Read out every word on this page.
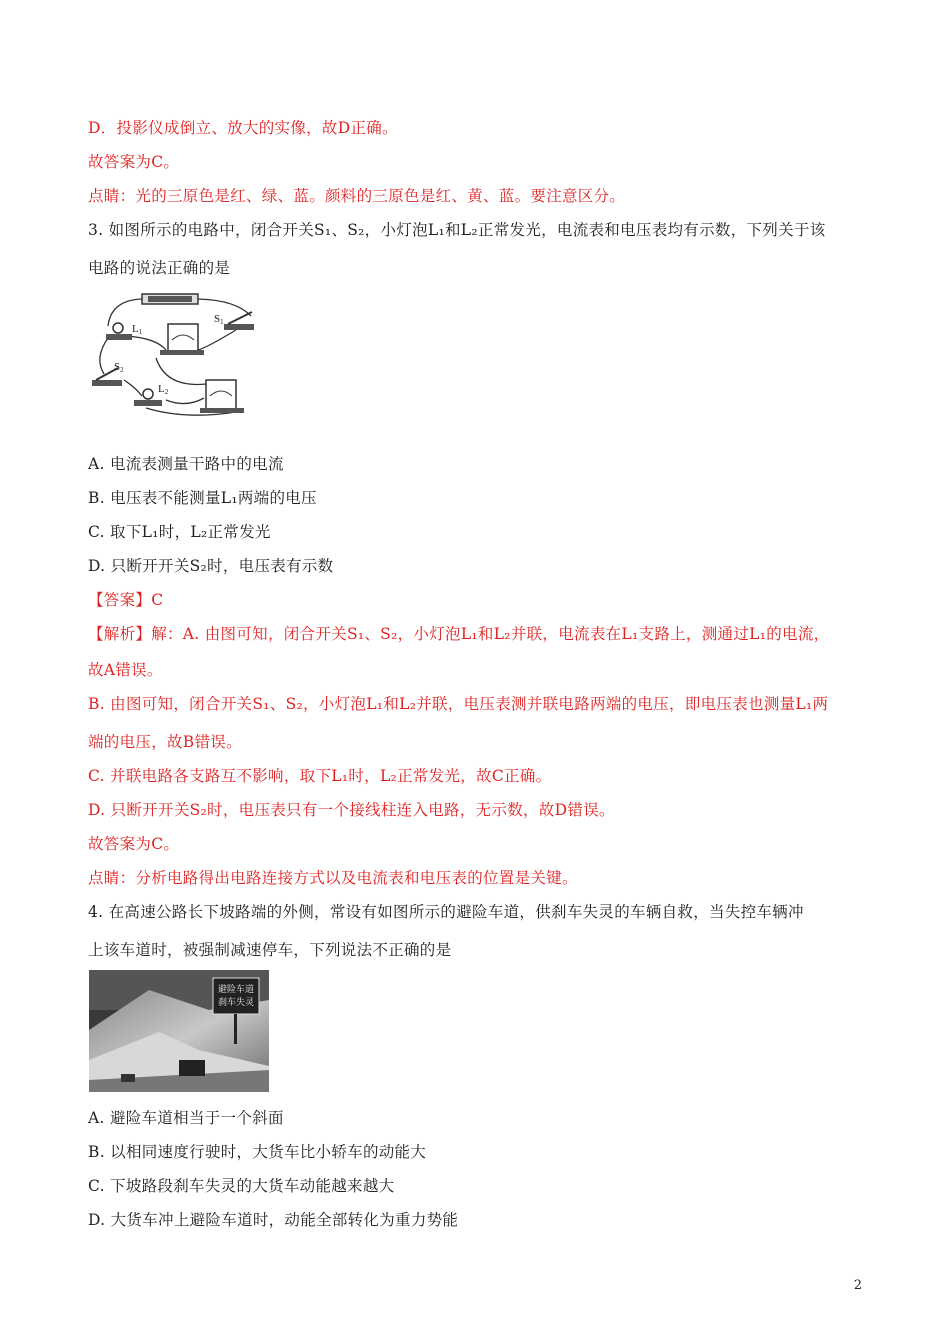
D．投影仪成倒立、放大的实像，故D正确。
故答案为C。
点睛：光的三原色是红、绿、蓝。颜料的三原色是红、黄、蓝。要注意区分。
3. 如图所示的电路中，闭合开关S₁、S₂，小灯泡L₁和L₂正常发光，电流表和电压表均有示数，下列关于该
电路的说法正确的是
L1
S1
S2
L2
A. 电流表测量干路中的电流
B. 电压表不能测量L₁两端的电压
C. 取下L₁时，L₂正常发光
D. 只断开开关S₂时，电压表有示数
【答案】C
【解析】解：A. 由图可知，闭合开关S₁、S₂，小灯泡L₁和L₂并联，电流表在L₁支路上，测通过L₁的电流，
故A错误。
B. 由图可知，闭合开关S₁、S₂，小灯泡L₁和L₂并联，电压表测并联电路两端的电压，即电压表也测量L₁两
端的电压，故B错误。
C. 并联电路各支路互不影响，取下L₁时，L₂正常发光，故C正确。
D. 只断开开关S₂时，电压表只有一个接线柱连入电路，无示数，故D错误。
故答案为C。
点睛：分析电路得出电路连接方式以及电流表和电压表的位置是关键。
4. 在高速公路长下坡路端的外侧，常设有如图所示的避险车道，供刹车失灵的车辆自救，当失控车辆冲
上该车道时，被强制减速停车，下列说法不正确的是
避险车道
刹车失灵
A. 避险车道相当于一个斜面
B. 以相同速度行驶时，大货车比小轿车的动能大
C. 下坡路段刹车失灵的大货车动能越来越大
D. 大货车冲上避险车道时，动能全部转化为重力势能
2
